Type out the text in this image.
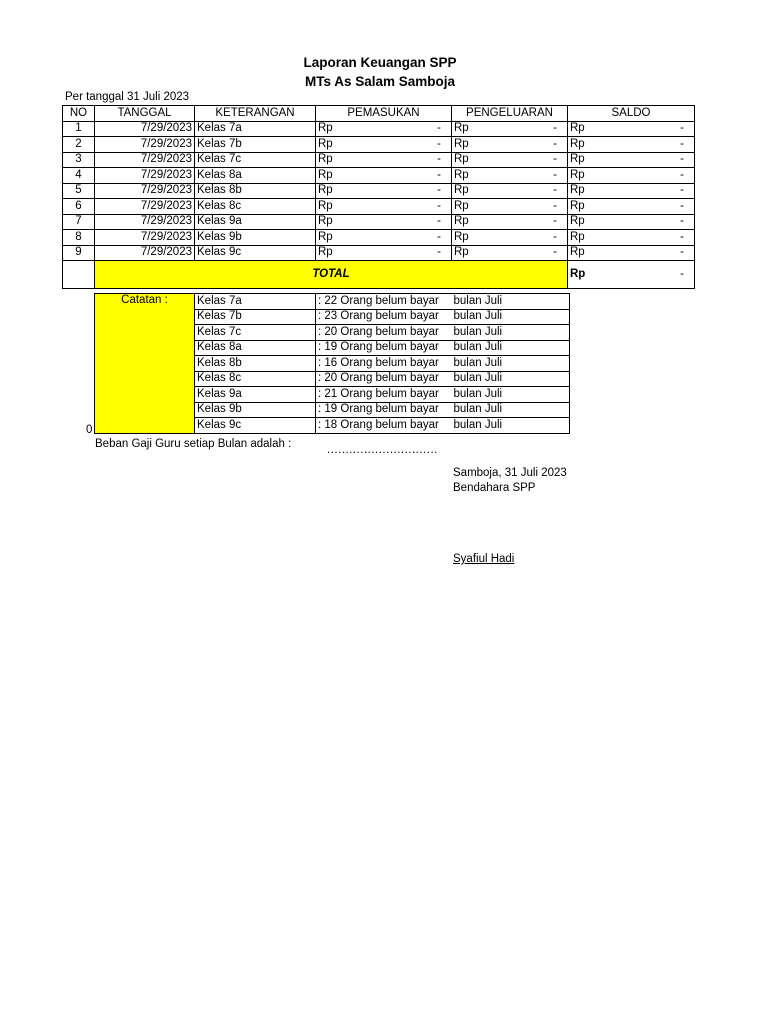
Laporan Keuangan SPP
MTs As Salam Samboja
Per tanggal 31 Juli 2023
NO	TANGGAL	KETERANGAN	PEMASUKAN	PENGELUARAN	SALDO
1	7/29/2023	Kelas 7a	Rp -	Rp -	Rp -

2	7/29/2023	Kelas 7b	Rp -	Rp -	Rp -

3	7/29/2023	Kelas 7c	Rp -	Rp -	Rp -

4	7/29/2023	Kelas 8a	Rp -	Rp -	Rp -

5	7/29/2023	Kelas 8b	Rp -	Rp -	Rp -

6	7/29/2023	Kelas 8c	Rp -	Rp -	Rp -

7	7/29/2023	Kelas 9a	Rp -	Rp -	Rp -

8	7/29/2023	Kelas 9b	Rp -	Rp -	Rp -

9	7/29/2023	Kelas 9c	Rp -	Rp -	Rp -

	TOTAL				Rp -
Catatan :	Kelas 7a	: 22 Orang belum bayar	bulan Juli
	Kelas 7b	: 23 Orang belum bayar	bulan Juli
	Kelas 7c	: 20 Orang belum bayar	bulan Juli
	Kelas 8a	: 19 Orang belum bayar	bulan Juli
	Kelas 8b	: 16 Orang belum bayar	bulan Juli
	Kelas 8c	: 20 Orang belum bayar	bulan Juli
	Kelas 9a	: 21 Orang belum bayar	bulan Juli
	Kelas 9b	: 19 Orang belum bayar	bulan Juli
	Kelas 9c	: 18 Orang belum bayar	bulan Juli
0
Beban Gaji Guru setiap Bulan adalah :	..............................
Samboja, 31 Juli 2023
Bendahara SPP
Syafiul Hadi
